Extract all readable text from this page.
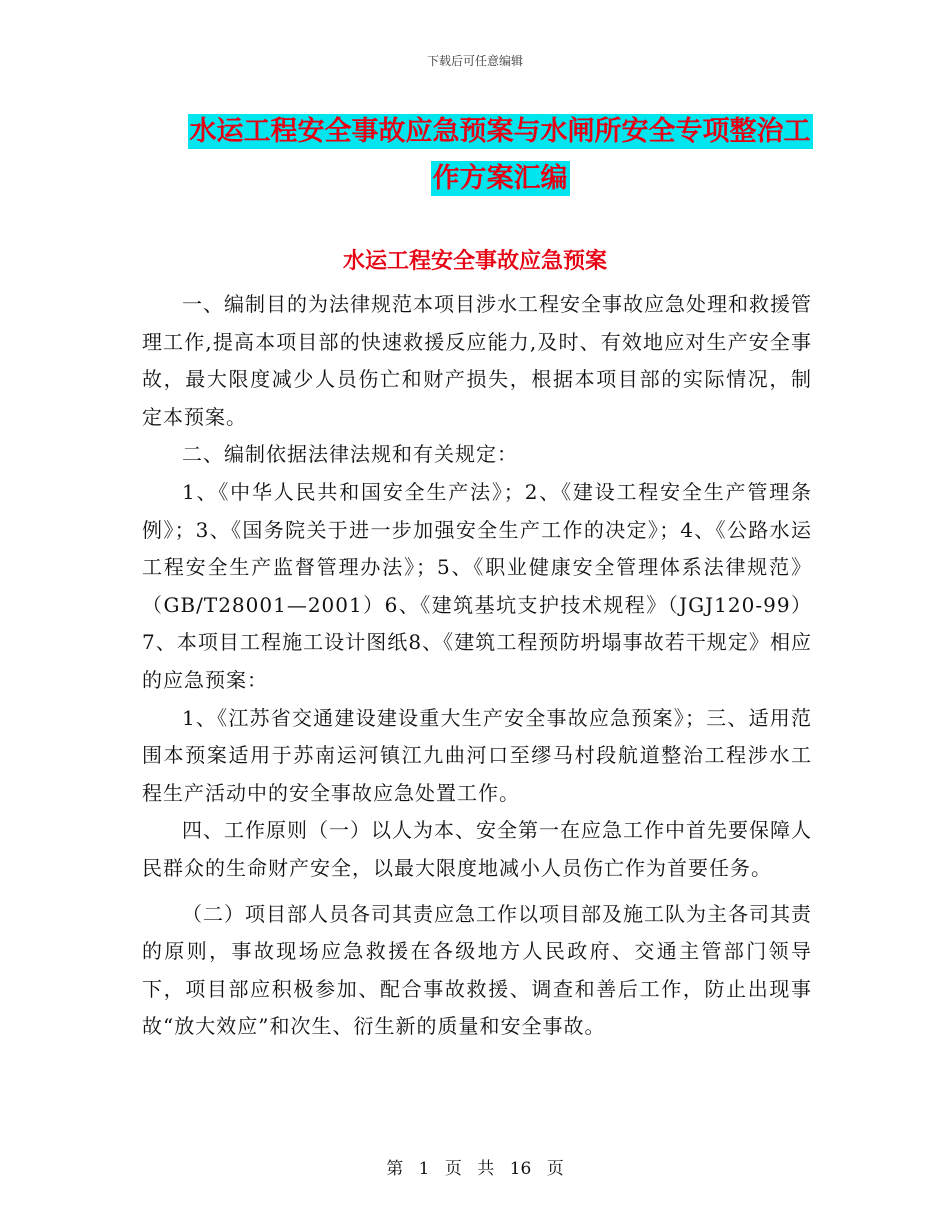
下载后可任意编辑
水运工程安全事故应急预案与水闸所安全专项整治工
作方案汇编
水运工程安全事故应急预案

一、编制目的为法律规范本项目涉水工程安全事故应急处理和救援管理工作,提高本项目部的快速救援反应能力,及时、有效地应对生产安全事故，最大限度减少人员伤亡和财产损失，根据本项目部的实际情况，制定本预案。

二、编制依据法律法规和有关规定：

1、《中华人民共和国安全生产法》；2、《建设工程安全生产管理条例》；3、《国务院关于进一步加强安全生产工作的决定》；4、《公路水运工程安全生产监督管理办法》；5、《职业健康安全管理体系法律规范》（GB/T28001—2001）6、《建筑基坑支护技术规程》（JGJ120-99）7、本项目工程施工设计图纸8、《建筑工程预防坍塌事故若干规定》相应的应急预案：

1、《江苏省交通建设建设重大生产安全事故应急预案》；三、适用范围本预案适用于苏南运河镇江九曲河口至缪马村段航道整治工程涉水工程生产活动中的安全事故应急处置工作。

四、工作原则（一）以人为本、安全第一在应急工作中首先要保障人民群众的生命财产安全，以最大限度地减小人员伤亡作为首要任务。

（二）项目部人员各司其责应急工作以项目部及施工队为主各司其责的原则，事故现场应急救援在各级地方人民政府、交通主管部门领导下，项目部应积极参加、配合事故救援、调查和善后工作，防止出现事故“放大效应”和次生、衍生新的质量和安全事故。

第 1 页 共 16 页
